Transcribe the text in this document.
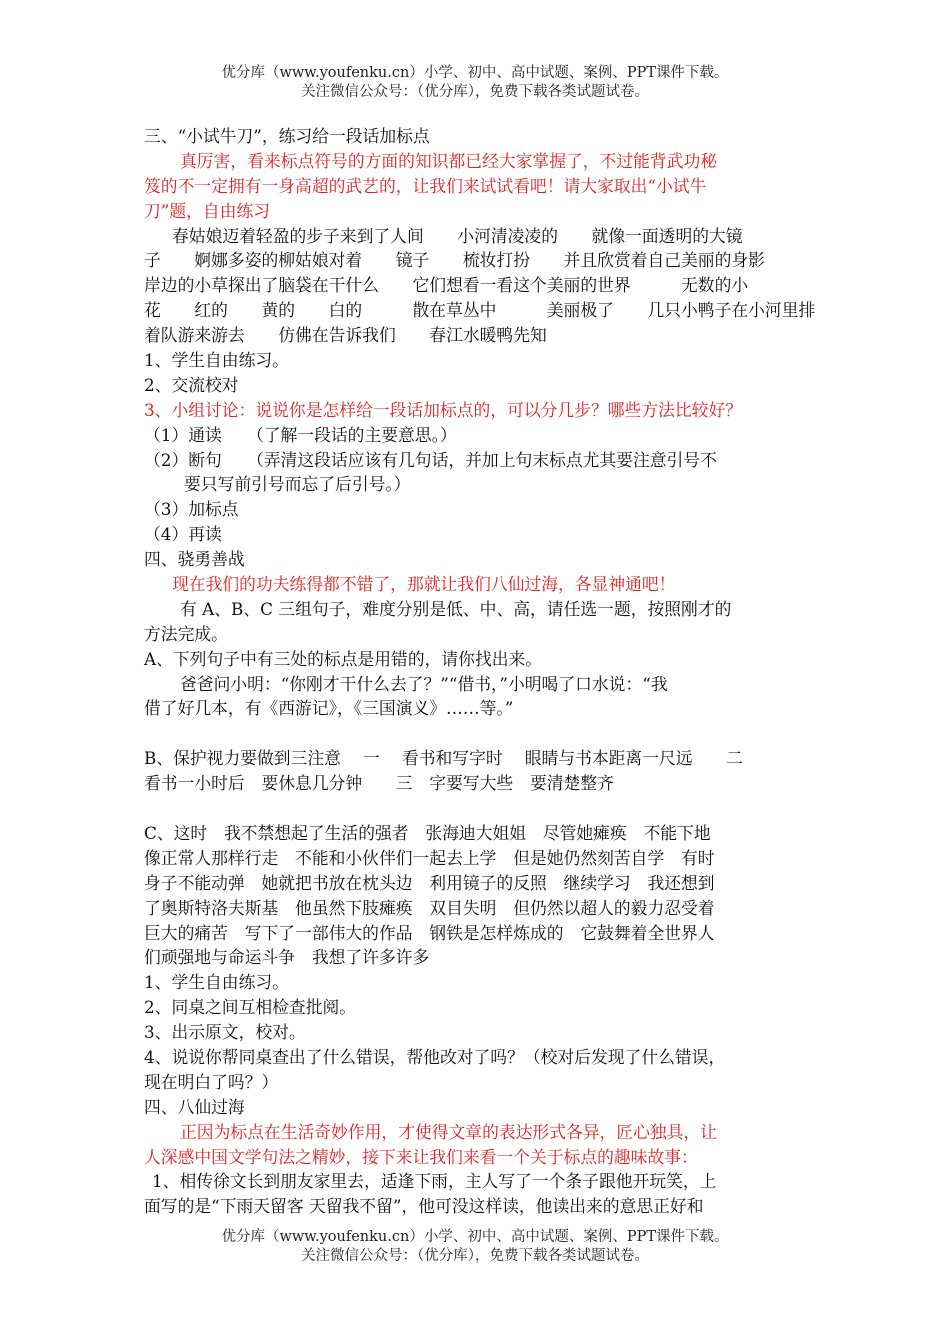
优分库（www.youfenku.cn）小学、初中、高中试题、案例、PPT课件下载。
关注微信公众号：（优分库），免费下载各类试题试卷。
三、“小试牛刀”，练习给一段话加标点
真厉害，看来标点符号的方面的知识都已经大家掌握了，不过能背武功秘
笈的不一定拥有一身高超的武艺的，让我们来试试看吧！请大家取出“小试牛
刀”题，自由练习
春姑娘迈着轻盈的步子来到了人间　　小河清凌凌的　　就像一面透明的大镜
子　　婀娜多姿的柳姑娘对着　　镜子　　梳妆打扮　　并且欣赏着自己美丽的身影
岸边的小草探出了脑袋在干什么　　它们想看一看这个美丽的世界　　　无数的小
花　　红的　　黄的　　白的　　　散在草丛中　　　美丽极了　　几只小鸭子在小河里排
着队游来游去　　仿佛在告诉我们　　春江水暖鸭先知
1、学生自由练习。
2、交流校对
3、小组讨论：说说你是怎样给一段话加标点的，可以分几步？哪些方法比较好？
（1）通读　　（了解一段话的主要意思。）
（2）断句　　（弄清这段话应该有几句话，并加上句末标点尤其要注意引号不
要只写前引号而忘了后引号。）
（3）加标点
（4）再读
四、骁勇善战
现在我们的功夫练得都不错了，那就让我们八仙过海，各显神通吧！
有 A、B、C 三组句子，难度分别是低、中、高，请任选一题，按照刚才的
方法完成。
A、下列句子中有三处的标点是用错的，请你找出来。
爸爸问小明：“你刚才干什么去了？”“借书，”小明喝了口水说：“我
借了好几本，有《西游记》，《三国演义》……等。”
B、保护视力要做到三注意　 一　 看书和写字时　 眼睛与书本距离一尺远　　二
看书一小时后　要休息几分钟　　三　字要写大些　要清楚整齐
C、这时　我不禁想起了生活的强者　张海迪大姐姐　尽管她瘫痪　不能下地
像正常人那样行走　不能和小伙伴们一起去上学　但是她仍然刻苦自学　有时
身子不能动弹　她就把书放在枕头边　利用镜子的反照　继续学习　我还想到
了奥斯特洛夫斯基　他虽然下肢瘫痪　双目失明　但仍然以超人的毅力忍受着
巨大的痛苦　写下了一部伟大的作品　钢铁是怎样炼成的　它鼓舞着全世界人
们顽强地与命运斗争　我想了许多许多
1、学生自由练习。
2、同桌之间互相检查批阅。
3、出示原文，校对。
4、说说你帮同桌查出了什么错误，帮他改对了吗？（校对后发现了什么错误，
现在明白了吗？）
四、八仙过海
正因为标点在生活奇妙作用，才使得文章的表达形式各异，匠心独具，让
人深感中国文学句法之精妙，接下来让我们来看一个关于标点的趣味故事：
1、相传徐文长到朋友家里去，适逢下雨，主人写了一个条子跟他开玩笑，上
面写的是“下雨天留客 天留我不留”，他可没这样读，他读出来的意思正好和
优分库（www.youfenku.cn）小学、初中、高中试题、案例、PPT课件下载。
关注微信公众号：（优分库），免费下载各类试题试卷。
